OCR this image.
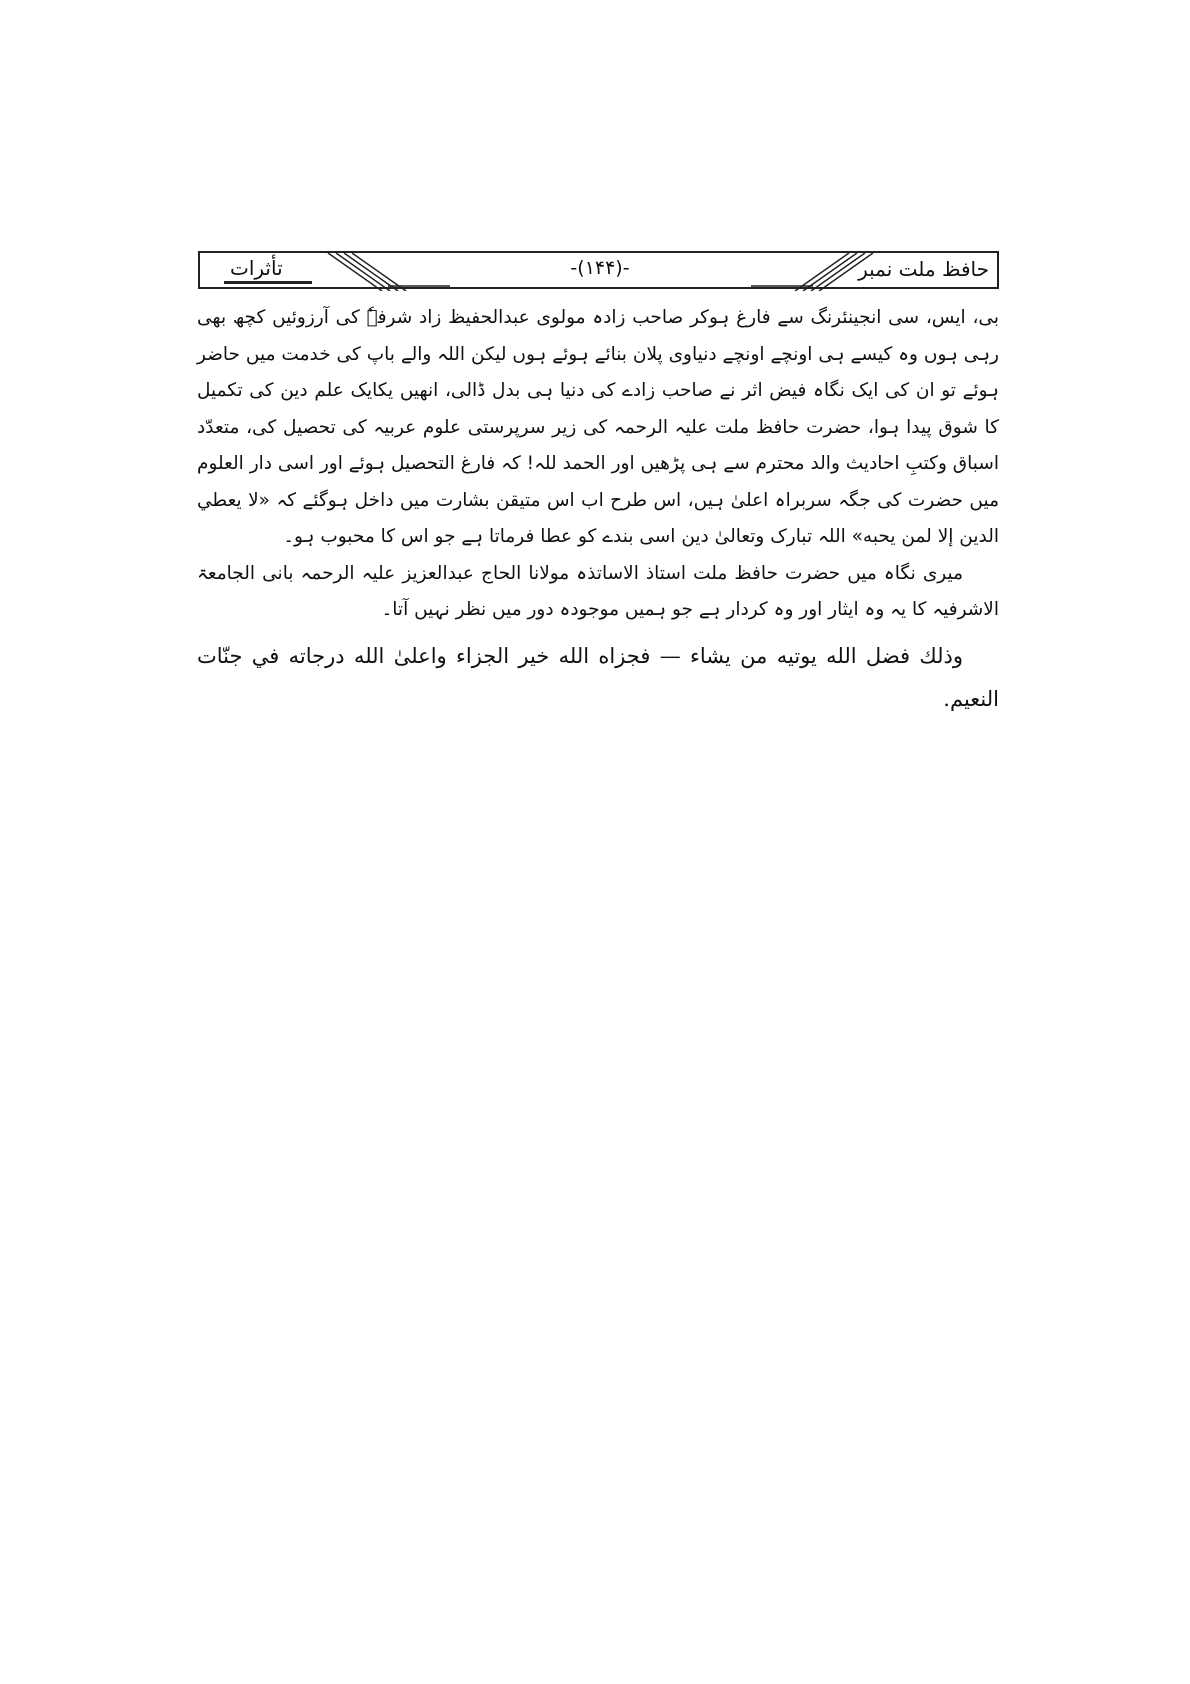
حافظ ملت نمبر
-(۱۴۴)-
تأثرات

بی، ایس، سی انجینئرنگ سے فارغ ہوکر صاحب زادہ مولوی عبدالحفیظ زاد شرفہٗ کی آرزوئیں کچھ بھی رہی ہوں وہ کیسے ہی اونچے اونچے دنیاوی پلان بنائے ہوئے ہوں لیکن اللہ والے باپ کی خدمت میں حاضر ہوئے تو ان کی ایک نگاہ فیض اثر نے صاحب زادے کی دنیا ہی بدل ڈالی، انھیں یکایک علم دین کی تکمیل کا شوق پیدا ہوا، حضرت حافظ ملت علیہ الرحمہ کی زیر سرپرستی علوم عربیہ کی تحصیل کی، متعدّد اسباق وکتبِ احادیث والد محترم سے ہی پڑھیں اور الحمد للہ! کہ فارغ التحصیل ہوئے اور اسی دار العلوم میں حضرت کی جگہ سربراہ اعلیٰ ہیں، اس طرح اب اس متیقن بشارت میں داخل ہوگئے کہ «لا يعطي الدين إلا لمن يحبه» اللہ تبارک وتعالیٰ دین اسی بندے کو عطا فرماتا ہے جو اس کا محبوب ہو۔

میری نگاہ میں حضرت حافظ ملت استاذ الاساتذہ مولانا الحاج عبدالعزیز علیہ الرحمہ بانی الجامعۃ الاشرفیہ کا یہ وہ ایثار اور وہ کردار ہے جو ہمیں موجودہ دور میں نظر نہیں آتا۔

وذلك فضل الله يوتيه من يشاء — فجزاه الله خير الجزاء واعلىٰ الله درجاته في جنّات النعيم.
